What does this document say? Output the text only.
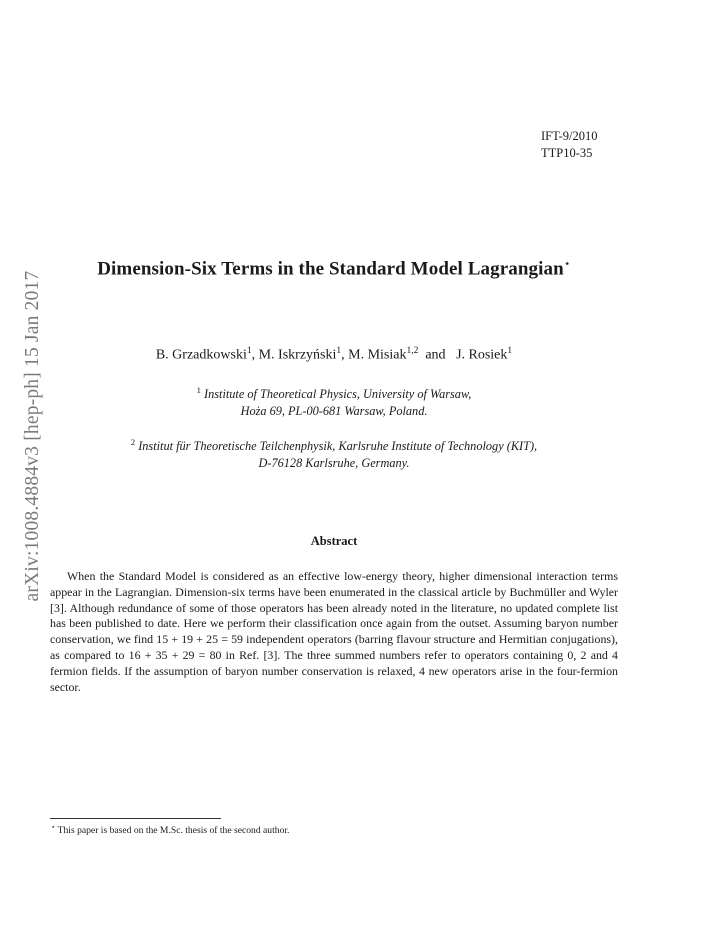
IFT-9/2010
TTP10-35
arXiv:1008.4884v3 [hep-ph] 15 Jan 2017
Dimension-Six Terms in the Standard Model Lagrangian⋆
B. Grzadkowski$^1$, M. Iskrzyński$^1$, M. Misiak$^{1,2}$  and   J. Rosiek$^1$
$^1$ Institute of Theoretical Physics, University of Warsaw,
Hoża 69, PL-00-681 Warsaw, Poland.
$^2$ Institut für Theoretische Teilchenphysik, Karlsruhe Institute of Technology (KIT),
D-76128 Karlsruhe, Germany.
Abstract

When the Standard Model is considered as an effective low-energy theory, higher dimensional interaction terms appear in the Lagrangian. Dimension-six terms have been enumerated in the classical article by Buchmüller and Wyler [3]. Although redundance of some of those operators has been already noted in the literature, no updated complete list has been published to date. Here we perform their classification once again from the outset. Assuming baryon number conservation, we find 15 + 19 + 25 = 59 independent operators (barring flavour structure and Hermitian conjugations), as compared to 16 + 35 + 29 = 80 in Ref. [3]. The three summed numbers refer to operators containing 0, 2 and 4 fermion fields. If the assumption of baryon number conservation is relaxed, 4 new operators arise in the four-fermion sector.

⋆ This paper is based on the M.Sc. thesis of the second author.
